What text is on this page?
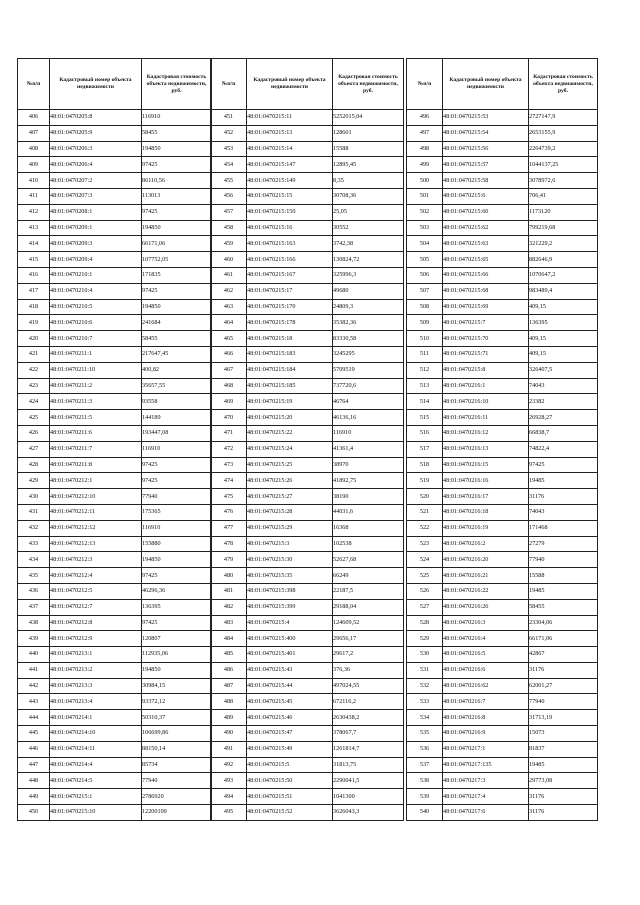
№п/п	Кадастровый номер объекта недвижимости	Кадастровая стоимость объекта недвижимости, руб.
406	48:01:0470205:8	116910
407	48:01:0470205:9	58455
408	48:01:0470206:3	194850
409	48:01:0470206:4	97425
410	48:01:0470207:2	86110,56
411	48:01:0470207:3	113013
412	48:01:0470208:1	97425
413	48:01:0470209:1	194850
414	48:01:0470209:3	66171,06
415	48:01:0470209:4	107752,05
416	48:01:0470210:1	171835
417	48:01:0470210:4	97425
418	48:01:0470210:5	194850
419	48:01:0470210:6	241684
420	48:01:0470210:7	58455
421	48:01:0470211:1	217647,45
422	48:01:0470211:10	400,82
423	48:01:0470211:2	35657,55
424	48:01:0470211:3	93558
425	48:01:0470211:5	144189
426	48:01:0470211:6	193447,08
427	48:01:0470211:7	116910
428	48:01:0470211:8	97425
429	48:01:0470212:1	97425
430	48:01:0470212:10	77940
431	48:01:0470212:11	175365
432	48:01:0470212:12	116910
433	48:01:0470212:13	155880
434	48:01:0470212:3	194850
435	48:01:0470212:4	97425
436	48:01:0470212:5	46296,36
437	48:01:0470212:7	136395
438	48:01:0470212:8	97425
439	48:01:0470212:9	120807
440	48:01:0470213:1	112935,06
441	48:01:0470213:2	194850
442	48:01:0470213:3	30984,15
443	48:01:0470213:4	93372,12
444	48:01:0470214:1	50310,37
445	48:01:0470214:10	106699,86
446	48:01:0470214:11	88150,14
447	48:01:0470214:4	85734
448	48:01:0470214:5	77940
449	48:01:0470215:1	2786920
450	48:01:0470215:10	12200109
№п/п	Кадастровый номер объекта недвижимости	Кадастровая стоимость объекта недвижимости, руб.
451	48:01:0470215:11	5252015,04
452	48:01:0470215:13	128601
453	48:01:0470215:14	15588
454	48:01:0470215:147	12895,45
455	48:01:0470215:149	8,35
456	48:01:0470215:15	30708,36
457	48:01:0470215:150	25,05
458	48:01:0470215:16	30552
459	48:01:0470215:163	3742,38
460	48:01:0470215:166	130824,72
461	48:01:0470215:167	325996,3
462	48:01:0470215:17	49680
463	48:01:0470215:170	24809,3
464	48:01:0470215:178	35382,36
465	48:01:0470215:18	83330,58
466	48:01:0470215:183	3245295
467	48:01:0470215:184	5709519
468	48:01:0470215:185	737720,6
469	48:01:0470215:19	46764
470	48:01:0470215:20	46136,16
471	48:01:0470215:22	116910
472	48:01:0470215:24	41361,4
473	48:01:0470215:25	38970
474	48:01:0470215:26	41892,75
475	48:01:0470215:27	38190
476	48:01:0470215:28	44031,6
477	48:01:0470215:29	16368
478	48:01:0470215:3	102538
479	48:01:0470215:30	52627,68
480	48:01:0470215:35	66249
481	48:01:0470215:398	22187,5
482	48:01:0470215:399	29188,04
483	48:01:0470215:4	124609,52
484	48:01:0470215:400	29656,17
485	48:01:0470215:401	29617,2
486	48:01:0470215:43	376,36
487	48:01:0470215:44	497024,55
488	48:01:0470215:45	672116,2
489	48:01:0470215:46	2630438,2
490	48:01:0470215:47	378067,7
491	48:01:0470215:49	1261814,7
492	48:01:0470215:5	31813,75
493	48:01:0470215:50	2290041,5
494	48:01:0470215:51	1041300
495	48:01:0470215:52	3626043,3
№п/п	Кадастровый номер объекта недвижимости	Кадастровая стоимость объекта недвижимости, руб.
496	48:01:0470215:53	2727147,9
497	48:01:0470215:54	2653155,9
498	48:01:0470215:56	2264739,2
499	48:01:0470215:57	1044137,25
500	48:01:0470215:58	3078972,6
501	48:01:0470215:6	706,41
502	48:01:0470215:60	1173120
503	48:01:0470215:62	799219,68
504	48:01:0470215:63	321229,2
505	48:01:0470215:65	882646,9
506	48:01:0470215:66	1070647,2
507	48:01:0470215:68	983489,4
508	48:01:0470215:69	409,15
509	48:01:0470215:7	136395
510	48:01:0470215:70	409,15
511	48:01:0470215:71	409,15
512	48:01:0470215:8	326407,5
513	48:01:0470216:1	74043
514	48:01:0470216:10	23382
515	48:01:0470216:11	26928,27
516	48:01:0470216:12	66838,7
517	48:01:0470216:13	74822,4
518	48:01:0470216:15	97425
519	48:01:0470216:16	19485
520	48:01:0470216:17	31176
521	48:01:0470216:18	74043
522	48:01:0470216:19	171468
523	48:01:0470216:2	27279
524	48:01:0470216:20	77940
525	48:01:0470216:21	15588
526	48:01:0470216:22	19485
527	48:01:0470216:26	58455
528	48:01:0470216:3	23304,06
529	48:01:0470216:4	66171,06
530	48:01:0470216:5	42867
531	48:01:0470216:6	31176
532	48:01:0470216:62	62001,27
533	48:01:0470216:7	77940
534	48:01:0470216:8	31713,19
535	48:01:0470216:9	15073
536	48:01:0470217:1	81837
537	48:01:0470217:135	19485
538	48:01:0470217:3	29773,08
539	48:01:0470217:4	31176
540	48:01:0470217:6	31176
